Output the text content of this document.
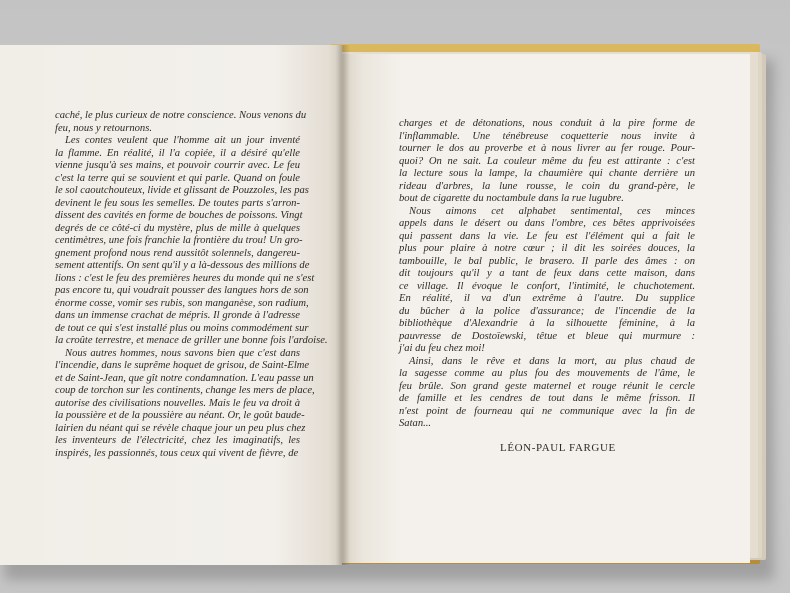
caché, le plus curieux de notre conscience. Nous venons du
feu, nous y retournons.
Les contes veulent que l'homme ait un jour inventé
la flamme. En réalité, il l'a copiée, il a désiré qu'elle
vienne jusqu'à ses mains, et pouvoir courrir avec. Le feu
c'est la terre qui se souvient et qui parle. Quand on foule
le sol caoutchouteux, livide et glissant de Pouzzoles, les pas
devinent le feu sous les semelles. De toutes parts s'arron-
dissent des cavités en forme de bouches de poissons. Vingt
degrés de ce côté-ci du mystère, plus de mille à quelques
centimètres, une fois franchie la frontière du trou! Un gro-
gnement profond nous rend aussitôt solennels, dangereu-
sement attentifs. On sent qu'il y a là-dessous des millions de
lions : c'est le feu des premières heures du monde qui ne s'est
pas encore tu, qui voudrait pousser des langues hors de son
énorme cosse, vomir ses rubis, son manganèse, son radium,
dans un immense crachat de mépris. Il gronde à l'adresse
de tout ce qui s'est installé plus ou moins commodément sur
la croûte terrestre, et menace de griller une bonne fois l'ardoise.
Nous autres hommes, nous savons bien que c'est dans
l'incendie, dans le suprême hoquet de grisou, de Saint-Elme
et de Saint-Jean, que gît notre condamnation. L'eau passe un
coup de torchon sur les continents, change les mers de place,
autorise des civilisations nouvelles. Mais le feu va droit à
la poussière et de la poussière au néant. Or, le goût baude-
lairien du néant qui se révèle chaque jour un peu plus chez
les inventeurs de l'électricité, chez les imaginatifs, les
inspirés, les passionnés, tous ceux qui vivent de fièvre, de
charges et de détonations, nous conduit à la pire forme de
l'inflammable. Une ténébreuse coquetterie nous invite à
tourner le dos au proverbe et à nous livrer au fer rouge. Pour-
quoi? On ne sait. La couleur même du feu est attirante : c'est
la lecture sous la lampe, la chaumière qui chante derrière un
rideau d'arbres, la lune rousse, le coin du grand-père, le
bout de cigarette du noctambule dans la rue lugubre.
Nous aimons cet alphabet sentimental, ces minces
appels dans le désert ou dans l'ombre, ces bêtes apprivoisées
qui passent dans la vie. Le feu est l'élément qui a fait le
plus pour plaire à notre cœur ; il dit les soirées douces, la
tambouille, le bal public, le brasero. Il parle des âmes : on
dit toujours qu'il y a tant de feux dans cette maison, dans
ce village. Il évoque le confort, l'intimité, le chuchotement.
En réalité, il va d'un extrême à l'autre. Du supplice
du bûcher à la police d'assurance; de l'incendie de la
bibliothèque d'Alexandrie à la silhouette féminine, à la
pauvresse de Dostoïewski, têtue et bleue qui murmure :
j'ai du feu chez moi!
Ainsi, dans le rêve et dans la mort, au plus chaud de
la sagesse comme au plus fou des mouvements de l'âme, le
feu brûle. Son grand geste maternel et rouge réunit le cercle
de famille et les cendres de tout dans le même frisson. Il
n'est point de fourneau qui ne communique avec la fin de
Satan...
LÉON-PAUL FARGUE
